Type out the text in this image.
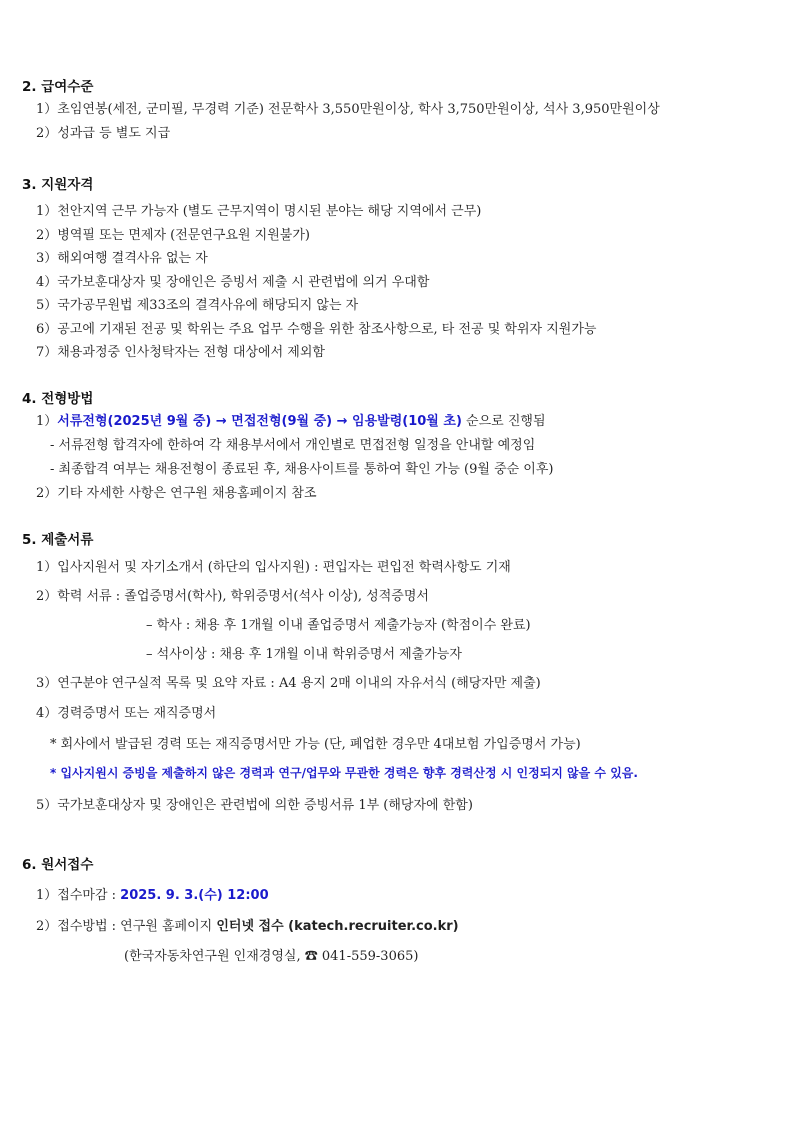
2. 급여수준
1）초임연봉(세전, 군미필, 무경력 기준) 전문학사 3,550만원이상, 학사 3,750만원이상, 석사 3,950만원이상
2）성과급 등 별도 지급
3. 지원자격
1）천안지역 근무 가능자 (별도 근무지역이 명시된 분야는 해당 지역에서 근무)
2）병역필 또는 면제자 (전문연구요원 지원불가)
3）해외여행 결격사유 없는 자
4）국가보훈대상자 및 장애인은 증빙서 제출 시 관련법에 의거 우대함
5）국가공무원법 제33조의 결격사유에 해당되지 않는 자
6）공고에 기재된 전공 및 학위는 주요 업무 수행을 위한 참조사항으로, 타 전공 및 학위자 지원가능
7）채용과정중 인사청탁자는 전형 대상에서 제외함
4. 전형방법
1）서류전형(2025년 9월 중) → 면접전형(9월 중) → 임용발령(10월 초) 순으로 진행됨
- 서류전형 합격자에 한하여 각 채용부서에서 개인별로 면접전형 일정을 안내할 예정임
- 최종합격 여부는 채용전형이 종료된 후, 채용사이트를 통하여 확인 가능 (9월 중순 이후)
2）기타 자세한 사항은 연구원 채용홈페이지 참조
5. 제출서류
1）입사지원서 및 자기소개서 (하단의 입사지원) : 편입자는 편입전 학력사항도 기재
2）학력 서류 : 졸업증명서(학사), 학위증명서(석사 이상), 성적증명서
– 학사 : 채용 후 1개월 이내 졸업증명서 제출가능자 (학점이수 완료)
– 석사이상 : 채용 후 1개월 이내 학위증명서 제출가능자
3）연구분야 연구실적 목록 및 요약 자료 : A4 용지 2매 이내의 자유서식 (해당자만 제출)
4）경력증명서 또는 재직증명서
* 회사에서 발급된 경력 또는 재직증명서만 가능 (단, 폐업한 경우만 4대보험 가입증명서 가능)
* 입사지원시 증빙을 제출하지 않은 경력과 연구/업무와 무관한 경력은 향후 경력산정 시 인정되지 않을 수 있음.
5）국가보훈대상자 및 장애인은 관련법에 의한 증빙서류 1부 (해당자에 한함)
6. 원서접수
1）접수마감 : 2025. 9. 3.(수) 12:00
2）접수방법 : 연구원 홈페이지 인터넷 접수 (katech.recruiter.co.kr)
(한국자동차연구원 인재경영실, ☎ 041-559-3065)
